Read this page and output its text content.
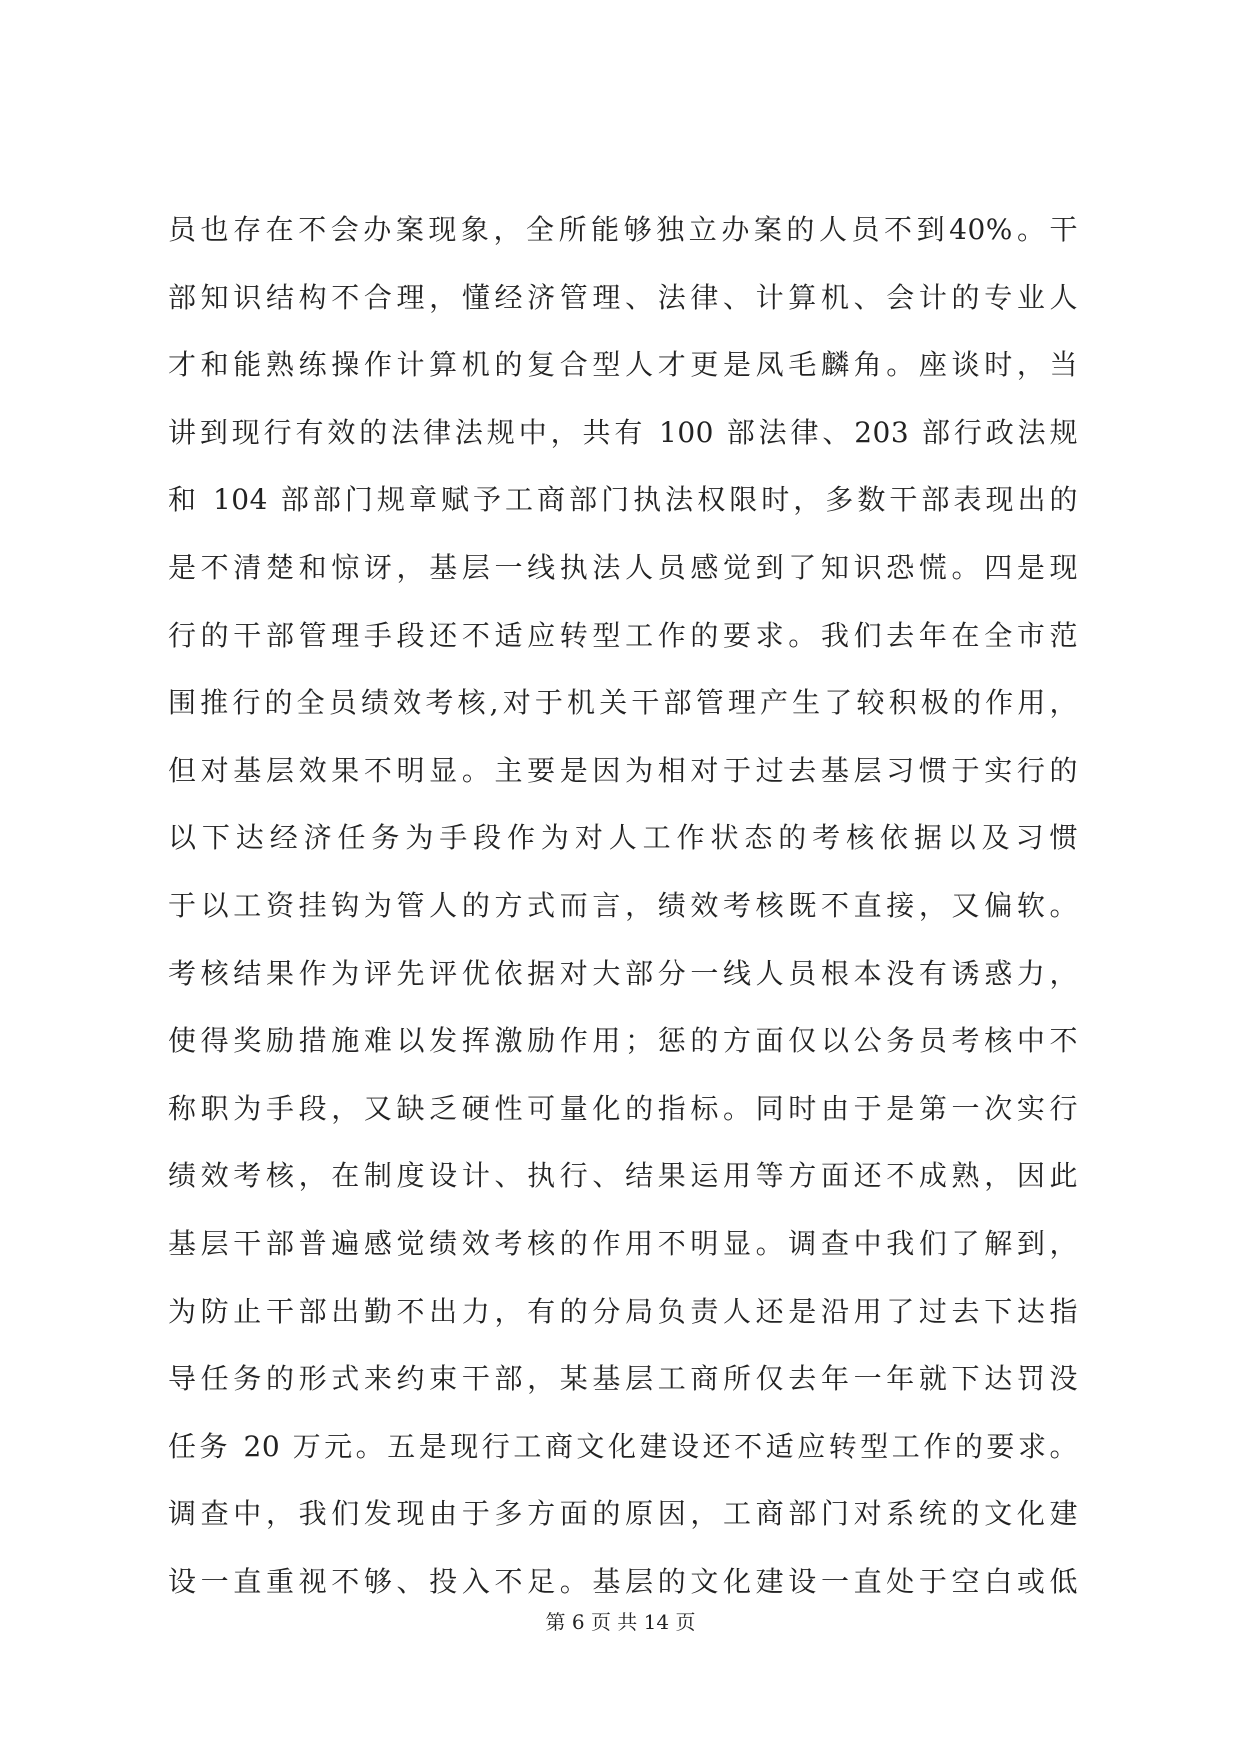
员也存在不会办案现象，全所能够独立办案的人员不到40%。干
部知识结构不合理，懂经济管理、法律、计算机、会计的专业人
才和能熟练操作计算机的复合型人才更是凤毛麟角。座谈时，当
讲到现行有效的法律法规中，共有 100 部法律、203 部行政法规
和 104 部部门规章赋予工商部门执法权限时，多数干部表现出的
是不清楚和惊讶，基层一线执法人员感觉到了知识恐慌。四是现
行的干部管理手段还不适应转型工作的要求。我们去年在全市范
围推行的全员绩效考核,对于机关干部管理产生了较积极的作用，
但对基层效果不明显。主要是因为相对于过去基层习惯于实行的
以下达经济任务为手段作为对人工作状态的考核依据以及习惯
于以工资挂钩为管人的方式而言，绩效考核既不直接，又偏软。
考核结果作为评先评优依据对大部分一线人员根本没有诱惑力，
使得奖励措施难以发挥激励作用；惩的方面仅以公务员考核中不
称职为手段，又缺乏硬性可量化的指标。同时由于是第一次实行
绩效考核，在制度设计、执行、结果运用等方面还不成熟，因此
基层干部普遍感觉绩效考核的作用不明显。调查中我们了解到，
为防止干部出勤不出力，有的分局负责人还是沿用了过去下达指
导任务的形式来约束干部，某基层工商所仅去年一年就下达罚没
任务 20 万元。五是现行工商文化建设还不适应转型工作的要求。
调查中，我们发现由于多方面的原因，工商部门对系统的文化建
设一直重视不够、投入不足。基层的文化建设一直处于空白或低

第 6 页 共 14 页
